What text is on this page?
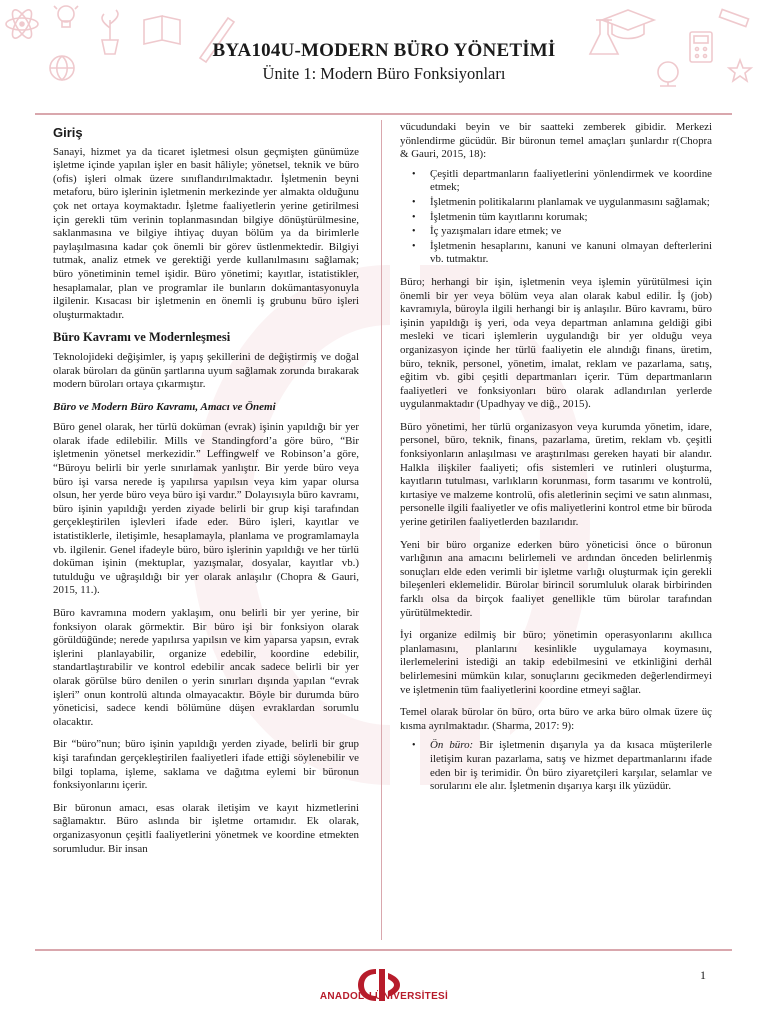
BYA104U-MODERN BÜRO YÖNETİMİ
Ünite 1: Modern Büro Fonksiyonları
Giriş

Sanayi, hizmet ya da ticaret işletmesi olsun geçmişten günümüze işletme içinde yapılan işler en basit hâliyle; yönetsel, teknik ve büro (ofis) işleri olmak üzere sınıflandırılmaktadır. İşletmenin beyni metaforu, büro işlerinin işletmenin merkezinde yer almakta olduğunu çok net ortaya koymaktadır. İşletme faaliyetlerin yerine getirilmesi için gerekli tüm verinin toplanmasından bilgiye dönüştürülmesine, saklanmasına ve bilgiye ihtiyaç duyan bölüm ya da birimlerle paylaşılmasına kadar çok önemli bir görev üstlenmektedir. Bilgiyi tutmak, analiz etmek ve gerektiği yerde kullanılmasını sağlamak; büro yönetiminin temel işidir. Büro yönetimi; kayıtlar, istatistikler, hesaplamalar, plan ve programlar ile bunların dokümantasyonuyla ilgilenir. Kısacası bir işletmenin en önemli iş grubunu büro işleri oluşturmaktadır.

Büro Kavramı ve Modernleşmesi

Teknolojideki değişimler, iş yapış şekillerini de değiştirmiş ve doğal olarak büroları da günün şartlarına uyum sağlamak zorunda bırakarak modern büroları ortaya çıkarmıştır.

Büro ve Modern Büro Kavramı, Amacı ve Önemi

Büro genel olarak, her türlü doküman (evrak) işinin yapıldığı bir yer olarak ifade edilebilir. Mills ve Standingford’a göre büro, “Bir işletmenin yönetsel merkezidir.” Leffingwelf ve Robinson’a göre, “Büroyu belirli bir yerle sınırlamak yanlıştır. Bir yerde büro veya büro işi varsa nerede iş yapılırsa yapılsın veya kim yapar olursa olsun, her yerde büro veya büro işi vardır.” Dolayısıyla büro kavramı, büro işinin yapıldığı yerden ziyade belirli bir grup kişi tarafından gerçekleştirilen işlevleri ifade eder. Büro işleri, kayıtlar ve istatistiklerle, iletişimle, hesaplamayla, planlama ve programlamayla vb. ilgilenir. Genel ifadeyle büro, büro işlerinin yapıldığı ve her türlü doküman işinin (mektuplar, yazışmalar, dosyalar, kayıtlar vb.) tutulduğu ve uğraşıldığı bir yer olarak anlaşılır (Chopra & Gauri, 2015, 11.).

Büro kavramına modern yaklaşım, onu belirli bir yer yerine, bir fonksiyon olarak görmektir. Bir büro işi bir fonksiyon olarak görüldüğünde; nerede yapılırsa yapılsın ve kim yaparsa yapsın, evrak işlerini planlayabilir, organize edebilir, koordine edebilir, standartlaştırabilir ve kontrol edebilir ancak sadece belirli bir yer olarak görülse büro denilen o yerin sınırları dışında yapılan “evrak işleri” onun kontrolü altında olmayacaktır. Böyle bir durumda büro yöneticisi, sadece kendi bölümüne düşen evraklardan sorumlu olacaktır.

Bir “büro”nun; büro işinin yapıldığı yerden ziyade, belirli bir grup kişi tarafından gerçekleştirilen faaliyetleri ifade ettiği söylenebilir ve bilgi toplama, işleme, saklama ve dağıtma eylemi bir büronun fonksiyonlarını içerir.

Bir büronun amacı, esas olarak iletişim ve kayıt hizmetlerini sağlamaktır. Büro aslında bir işletme ortamıdır. Ek olarak, organizasyonun çeşitli faaliyetlerini yönetmek ve koordine etmekten sorumludur. Bir insan

vücudundaki beyin ve bir saatteki zemberek gibidir. Merkezi yönlendirme gücüdür. Bir büronun temel amaçları şunlardır r(Chopra & Gauri, 2015, 18):

• Çeşitli departmanların faaliyetlerini yönlendirmek ve koordine etmek;
• İşletmenin politikalarını planlamak ve uygulanmasını sağlamak;
• İşletmenin tüm kayıtlarını korumak;
• İç yazışmaları idare etmek; ve
• İşletmenin hesaplarını, kanuni ve kanuni olmayan defterlerini vb. tutmaktır.

Büro; herhangi bir işin, işletmenin veya işlemin yürütülmesi için önemli bir yer veya bölüm veya alan olarak kabul edilir. İş (job) kavramıyla, büroyla ilgili herhangi bir iş anlaşılır. Büro kavramı, büro işinin yapıldığı iş yeri, oda veya departman anlamına geldiği gibi mesleki ve ticari işlemlerin uygulandığı bir yer olduğu veya organizasyon içinde her türlü faaliyetin ele alındığı finans, üretim, büro, teknik, personel, yönetim, imalat, reklam ve pazarlama, satış, eğitim vb. gibi çeşitli departmanları içerir. Tüm departmanların faaliyetleri ve fonksiyonları büro olarak adlandırılan yerlerde uygulanmaktadır (Upadhyay ve diğ., 2015).

Büro yönetimi, her türlü organizasyon veya kurumda yönetim, idare, personel, büro, teknik, finans, pazarlama, üretim, reklam vb. çeşitli fonksiyonların anlaşılması ve araştırılması gereken hayati bir alandır. Halkla ilişkiler faaliyeti; ofis sistemleri ve rutinleri oluşturma, kayıtların tutulması, varlıkların korunması, form tasarımı ve kontrolü, kırtasiye ve malzeme kontrolü, ofis aletlerinin seçimi ve satın alınması, personelle ilgili faaliyetler ve ofis maliyetlerini kontrol etme bir büroda yerine getirilen faaliyetlerden bazılarıdır.

Yeni bir büro organize ederken büro yöneticisi önce o büronun varlığının ana amacını belirlemeli ve ardından önceden belirlenmiş sonuçları elde eden verimli bir işletme varlığı oluşturmak için gerekli bileşenleri eklemelidir. Bürolar birincil sorumluluk olarak birbirinden farklı olsa da birçok faaliyet genellikle tüm bürolar tarafından yürütülmektedir.

İyi organize edilmiş bir büro; yönetimin operasyonlarını akıllıca planlamasını, planlarını kesinlikle uygulamaya koymasını, ilerlemelerini istediği an takip edebilmesini ve etkinliğini derhâl belirlemesini mümkün kılar, sonuçlarını gecikmeden değerlendirmeyi ve işletmenin tüm faaliyetlerini koordine etmeyi sağlar.

Temel olarak bürolar ön büro, orta büro ve arka büro olmak üzere üç kısma ayrılmaktadır. (Sharma, 2017: 9):

• Ön büro: Bir işletmenin dışarıyla ya da kısaca müşterilerle iletişim kuran pazarlama, satış ve hizmet departmanlarını ifade eden bir iş terimidir. Ön büro ziyaretçileri karşılar, selamlar ve sorularını ele alır. İşletmenin dışarıya karşı ilk yüzüdür.
1
ANADOLU ÜNİVERSİTESİ
